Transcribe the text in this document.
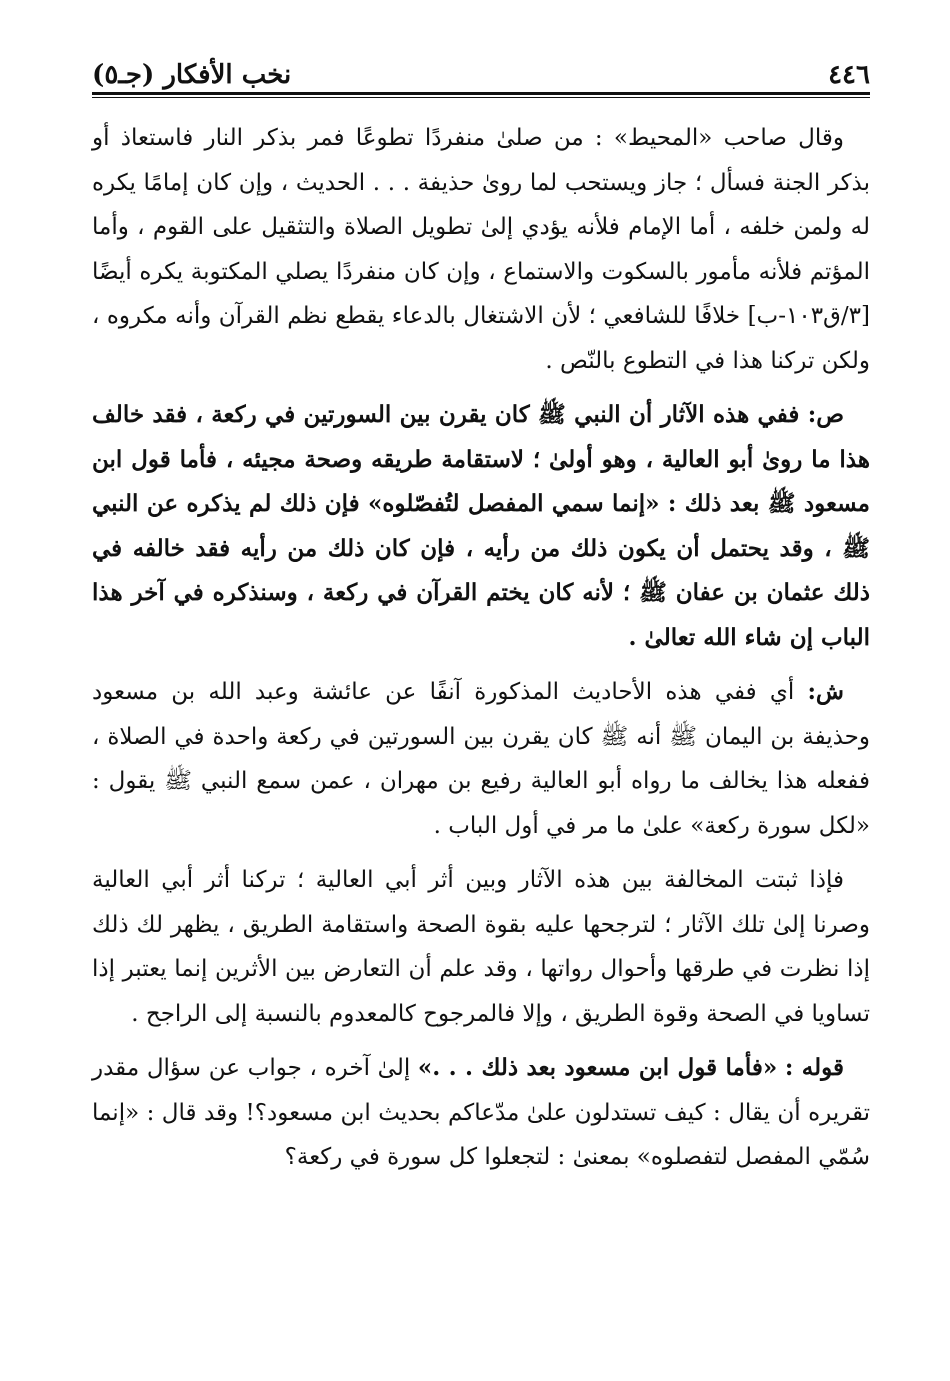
٤٤٦
نخب الأفكار (جـ٥)

وقال صاحب «المحيط» : من صلىٰ منفردًا تطوعًا فمر بذكر النار فاستعاذ أو بذكر الجنة فسأل ؛ جاز ويستحب لما روىٰ حذيفة . . . الحديث ، وإن كان إمامًا يكره له ولمن خلفه ، أما الإمام فلأنه يؤدي إلىٰ تطويل الصلاة والتثقيل على القوم ، وأما المؤتم فلأنه مأمور بالسكوت والاستماع ، وإن كان منفردًا يصلي المكتوبة يكره أيضًا [٣/ق١٠٣-ب] خلافًا للشافعي ؛ لأن الاشتغال بالدعاء يقطع نظم القرآن وأنه مكروه ، ولكن تركنا هذا في التطوع بالنّص .

ص: ففي هذه الآثار أن النبي ﷺ كان يقرن بين السورتين في ركعة ، فقد خالف هذا ما روىٰ أبو العالية ، وهو أولىٰ ؛ لاستقامة طريقه وصحة مجيئه ، فأما قول ابن مسعود ﷺ بعد ذلك : «إنما سمي المفصل لتُفصّلوه» فإن ذلك لم يذكره عن النبي ﷺ ، وقد يحتمل أن يكون ذلك من رأيه ، فإن كان ذلك من رأيه فقد خالفه في ذلك عثمان بن عفان ﷺ ؛ لأنه كان يختم القرآن في ركعة ، وسنذكره في آخر هذا الباب إن شاء الله تعالىٰ .

ش: أي ففي هذه الأحاديث المذكورة آنفًا عن عائشة وعبد الله بن مسعود وحذيفة بن اليمان ﷺ أنه ﷺ كان يقرن بين السورتين في ركعة واحدة في الصلاة ، ففعله هذا يخالف ما رواه أبو العالية رفيع بن مهران ، عمن سمع النبي ﷺ يقول : «لكل سورة ركعة» علىٰ ما مر في أول الباب .

فإذا ثبتت المخالفة بين هذه الآثار وبين أثر أبي العالية ؛ تركنا أثر أبي العالية وصرنا إلىٰ تلك الآثار ؛ لترجحها عليه بقوة الصحة واستقامة الطريق ، يظهر لك ذلك إذا نظرت في طرقها وأحوال رواتها ، وقد علم أن التعارض بين الأثرين إنما يعتبر إذا تساويا في الصحة وقوة الطريق ، وإلا فالمرجوح كالمعدوم بالنسبة إلى الراجح .

قوله : «فأما قول ابن مسعود بعد ذلك . . .» إلىٰ آخره ، جواب عن سؤال مقدر تقريره أن يقال : كيف تستدلون علىٰ مدّعاكم بحديث ابن مسعود؟! وقد قال : «إنما سُمّي المفصل لتفصلوه» بمعنىٰ : لتجعلوا كل سورة في ركعة؟
